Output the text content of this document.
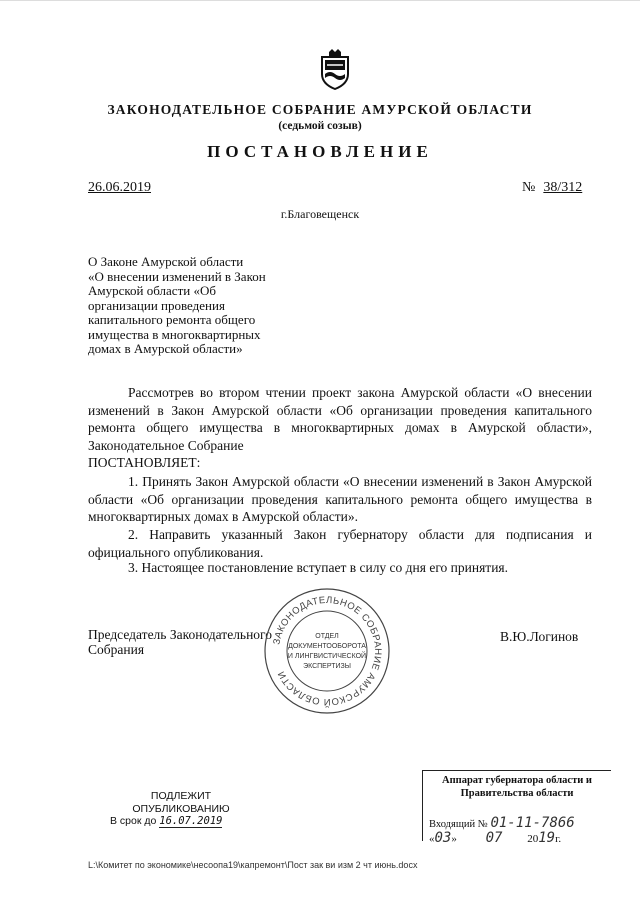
ЗАКОНОДАТЕЛЬНОЕ СОБРАНИЕ АМУРСКОЙ ОБЛАСТИ
(седьмой созыв)
ПОСТАНОВЛЕНИЕ
26.06.2019	№ 38/312
г.Благовещенск
О Законе Амурской области
«О внесении изменений в Закон
Амурской области «Об
организации проведения
капитального ремонта общего
имущества в многоквартирных
домах в Амурской области»
Рассмотрев во втором чтении проект закона Амурской области «О внесении изменений в Закон Амурской области «Об организации проведения капитального ремонта общего имущества в многоквартирных домах в Амурской области», Законодательное Собрание
ПОСТАНОВЛЯЕТ:
1. Принять Закон Амурской области «О внесении изменений в Закон Амурской области «Об организации проведения капитального ремонта общего имущества в многоквартирных домах в Амурской области».
2. Направить указанный Закон губернатору области для подписания и официального опубликования.
3. Настоящее постановление вступает в силу со дня его принятия.
Председатель Законодательного
Собрания
В.Ю.Логинов
ЗАКОНОДАТЕЛЬНОЕ СОБРАНИЕ АМУРСКОЙ ОБЛАСТИ
ОТДЕЛ
ДОКУМЕНТООБОРОТА
И ЛИНГВИСТИЧЕСКОЙ
ЭКСПЕРТИЗЫ
ПОДЛЕЖИТ
ОПУБЛИКОВАНИЮ
В срок до 16.07.2019
Аппарат губернатора области и
Правительства области
Входящий № 01-11-7866
«03» 07 2019г.
L:\Комитет по экономике\несоопа19\капремонт\Пост зак ви изм 2 чт июнь.docx
